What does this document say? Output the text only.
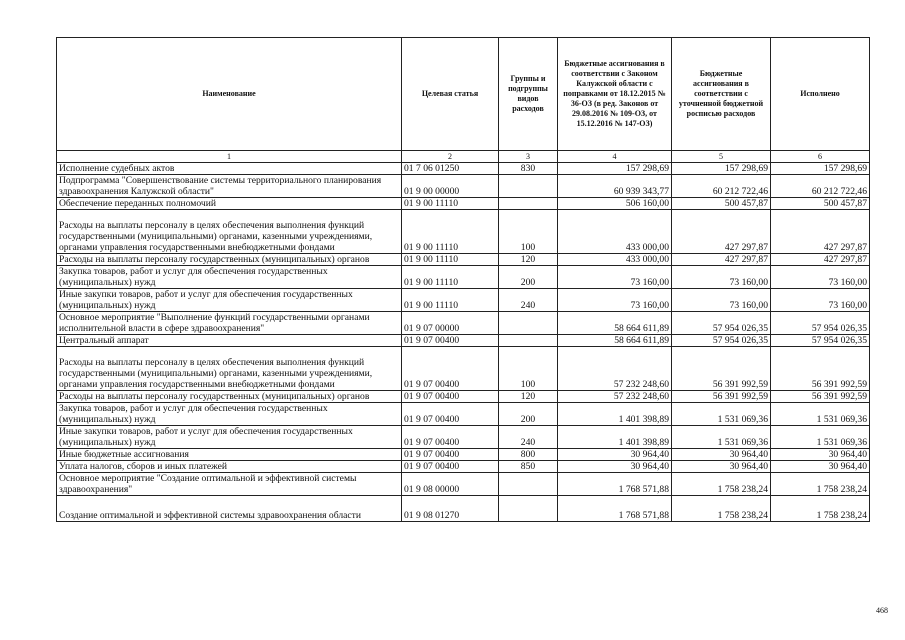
Наименование	Целевая статья	Группы и подгруппы видов расходов	Бюджетные ассигнования в соответствии с Законом Калужской области с поправками от 18.12.2015 № 36-ОЗ (в ред. Законов от 29.08.2016 № 109-ОЗ, от 15.12.2016 № 147-ОЗ)	Бюджетные ассигнования в соответствии с уточненной бюджетной росписью расходов	Исполнено
1	2	3	4	5	6
Исполнение судебных актов	01 7 06 01250	830	157 298,69	157 298,69	157 298,69
Подпрограмма "Совершенствование системы территориального планирования здравоохранения Калужской области"	01 9 00 00000		60 939 343,77	60 212 722,46	60 212 722,46
Обеспечение переданных полномочий	01 9 00 11110		506 160,00	500 457,87	500 457,87
Расходы на выплаты персоналу в целях обеспечения выполнения функций государственными (муниципальными) органами, казенными учреждениями, органами управления государственными внебюджетными фондами	01 9 00 11110	100	433 000,00	427 297,87	427 297,87
Расходы на выплаты персоналу государственных (муниципальных) органов	01 9 00 11110	120	433 000,00	427 297,87	427 297,87
Закупка товаров, работ и услуг для обеспечения государственных (муниципальных) нужд	01 9 00 11110	200	73 160,00	73 160,00	73 160,00
Иные закупки товаров, работ и услуг для обеспечения государственных (муниципальных) нужд	01 9 00 11110	240	73 160,00	73 160,00	73 160,00
Основное мероприятие "Выполнение функций государственными органами исполнительной власти в сфере здравоохранения"	01 9 07 00000		58 664 611,89	57 954 026,35	57 954 026,35
Центральный аппарат	01 9 07 00400		58 664 611,89	57 954 026,35	57 954 026,35
Расходы на выплаты персоналу в целях обеспечения выполнения функций государственными (муниципальными) органами, казенными учреждениями, органами управления государственными внебюджетными фондами	01 9 07 00400	100	57 232 248,60	56 391 992,59	56 391 992,59
Расходы на выплаты персоналу государственных (муниципальных) органов	01 9 07 00400	120	57 232 248,60	56 391 992,59	56 391 992,59
Закупка товаров, работ и услуг для обеспечения государственных (муниципальных) нужд	01 9 07 00400	200	1 401 398,89	1 531 069,36	1 531 069,36
Иные закупки товаров, работ и услуг для обеспечения государственных (муниципальных) нужд	01 9 07 00400	240	1 401 398,89	1 531 069,36	1 531 069,36
Иные бюджетные ассигнования	01 9 07 00400	800	30 964,40	30 964,40	30 964,40
Уплата налогов, сборов и иных платежей	01 9 07 00400	850	30 964,40	30 964,40	30 964,40
Основное мероприятие "Создание оптимальной и эффективной системы здравоохранения"	01 9 08 00000		1 768 571,88	1 758 238,24	1 758 238,24
Создание оптимальной и эффективной системы здравоохранения области	01 9 08 01270		1 768 571,88	1 758 238,24	1 758 238,24
468
